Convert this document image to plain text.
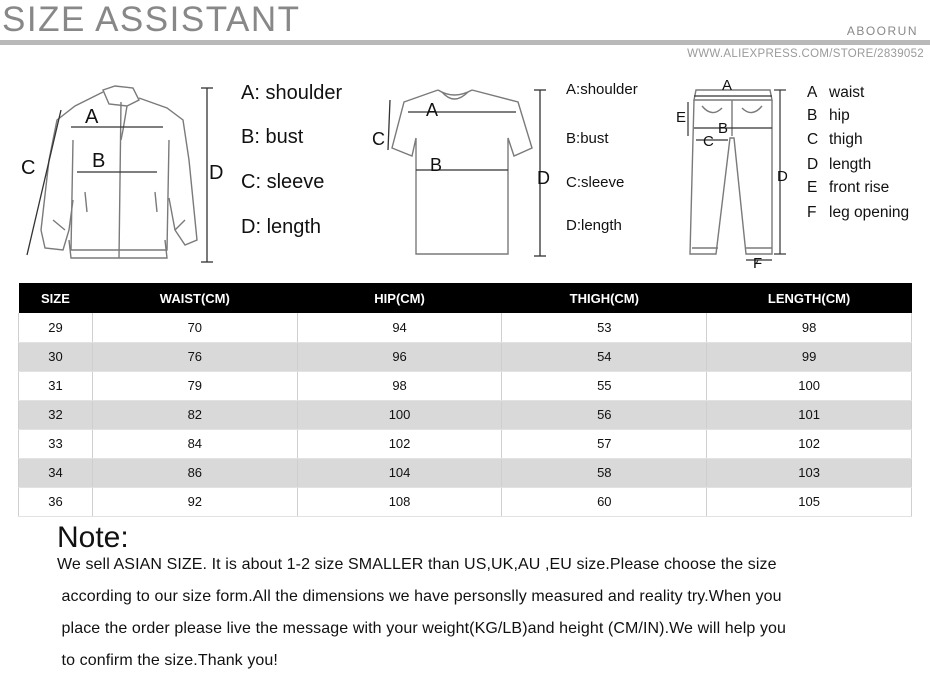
SIZE ASSISTANT	ABOORUN
WWW.ALIEXPRESS.COM/STORE/2839052
A
B
C	D
A: shoulder
B: bust
C: sleeve
D: length
A
B
C
D
A:shoulder
B:bust
C:sleeve
D:length
A
B
C
D
E
F
A waist
B hip
C thigh
D length
E front rise
F leg opening
SIZE	WAIST(CM)	HIP(CM)	THIGH(CM)	LENGTH(CM)
29	70	94	53	98
30	76	96	54	99
31	79	98	55	100
32	82	100	56	101
33	84	102	57	102
34	86	104	58	103
36	92	108	60	105
Note:
We sell ASIAN SIZE. It is about 1-2 size SMALLER than US,UK,AU ,EU size.Please choose the size
according to our size form.All the dimensions we have personslly measured and reality try.When you
place the order please live the message with your weight(KG/LB)and height (CM/IN).We will help you
to confirm the size.Thank you!
